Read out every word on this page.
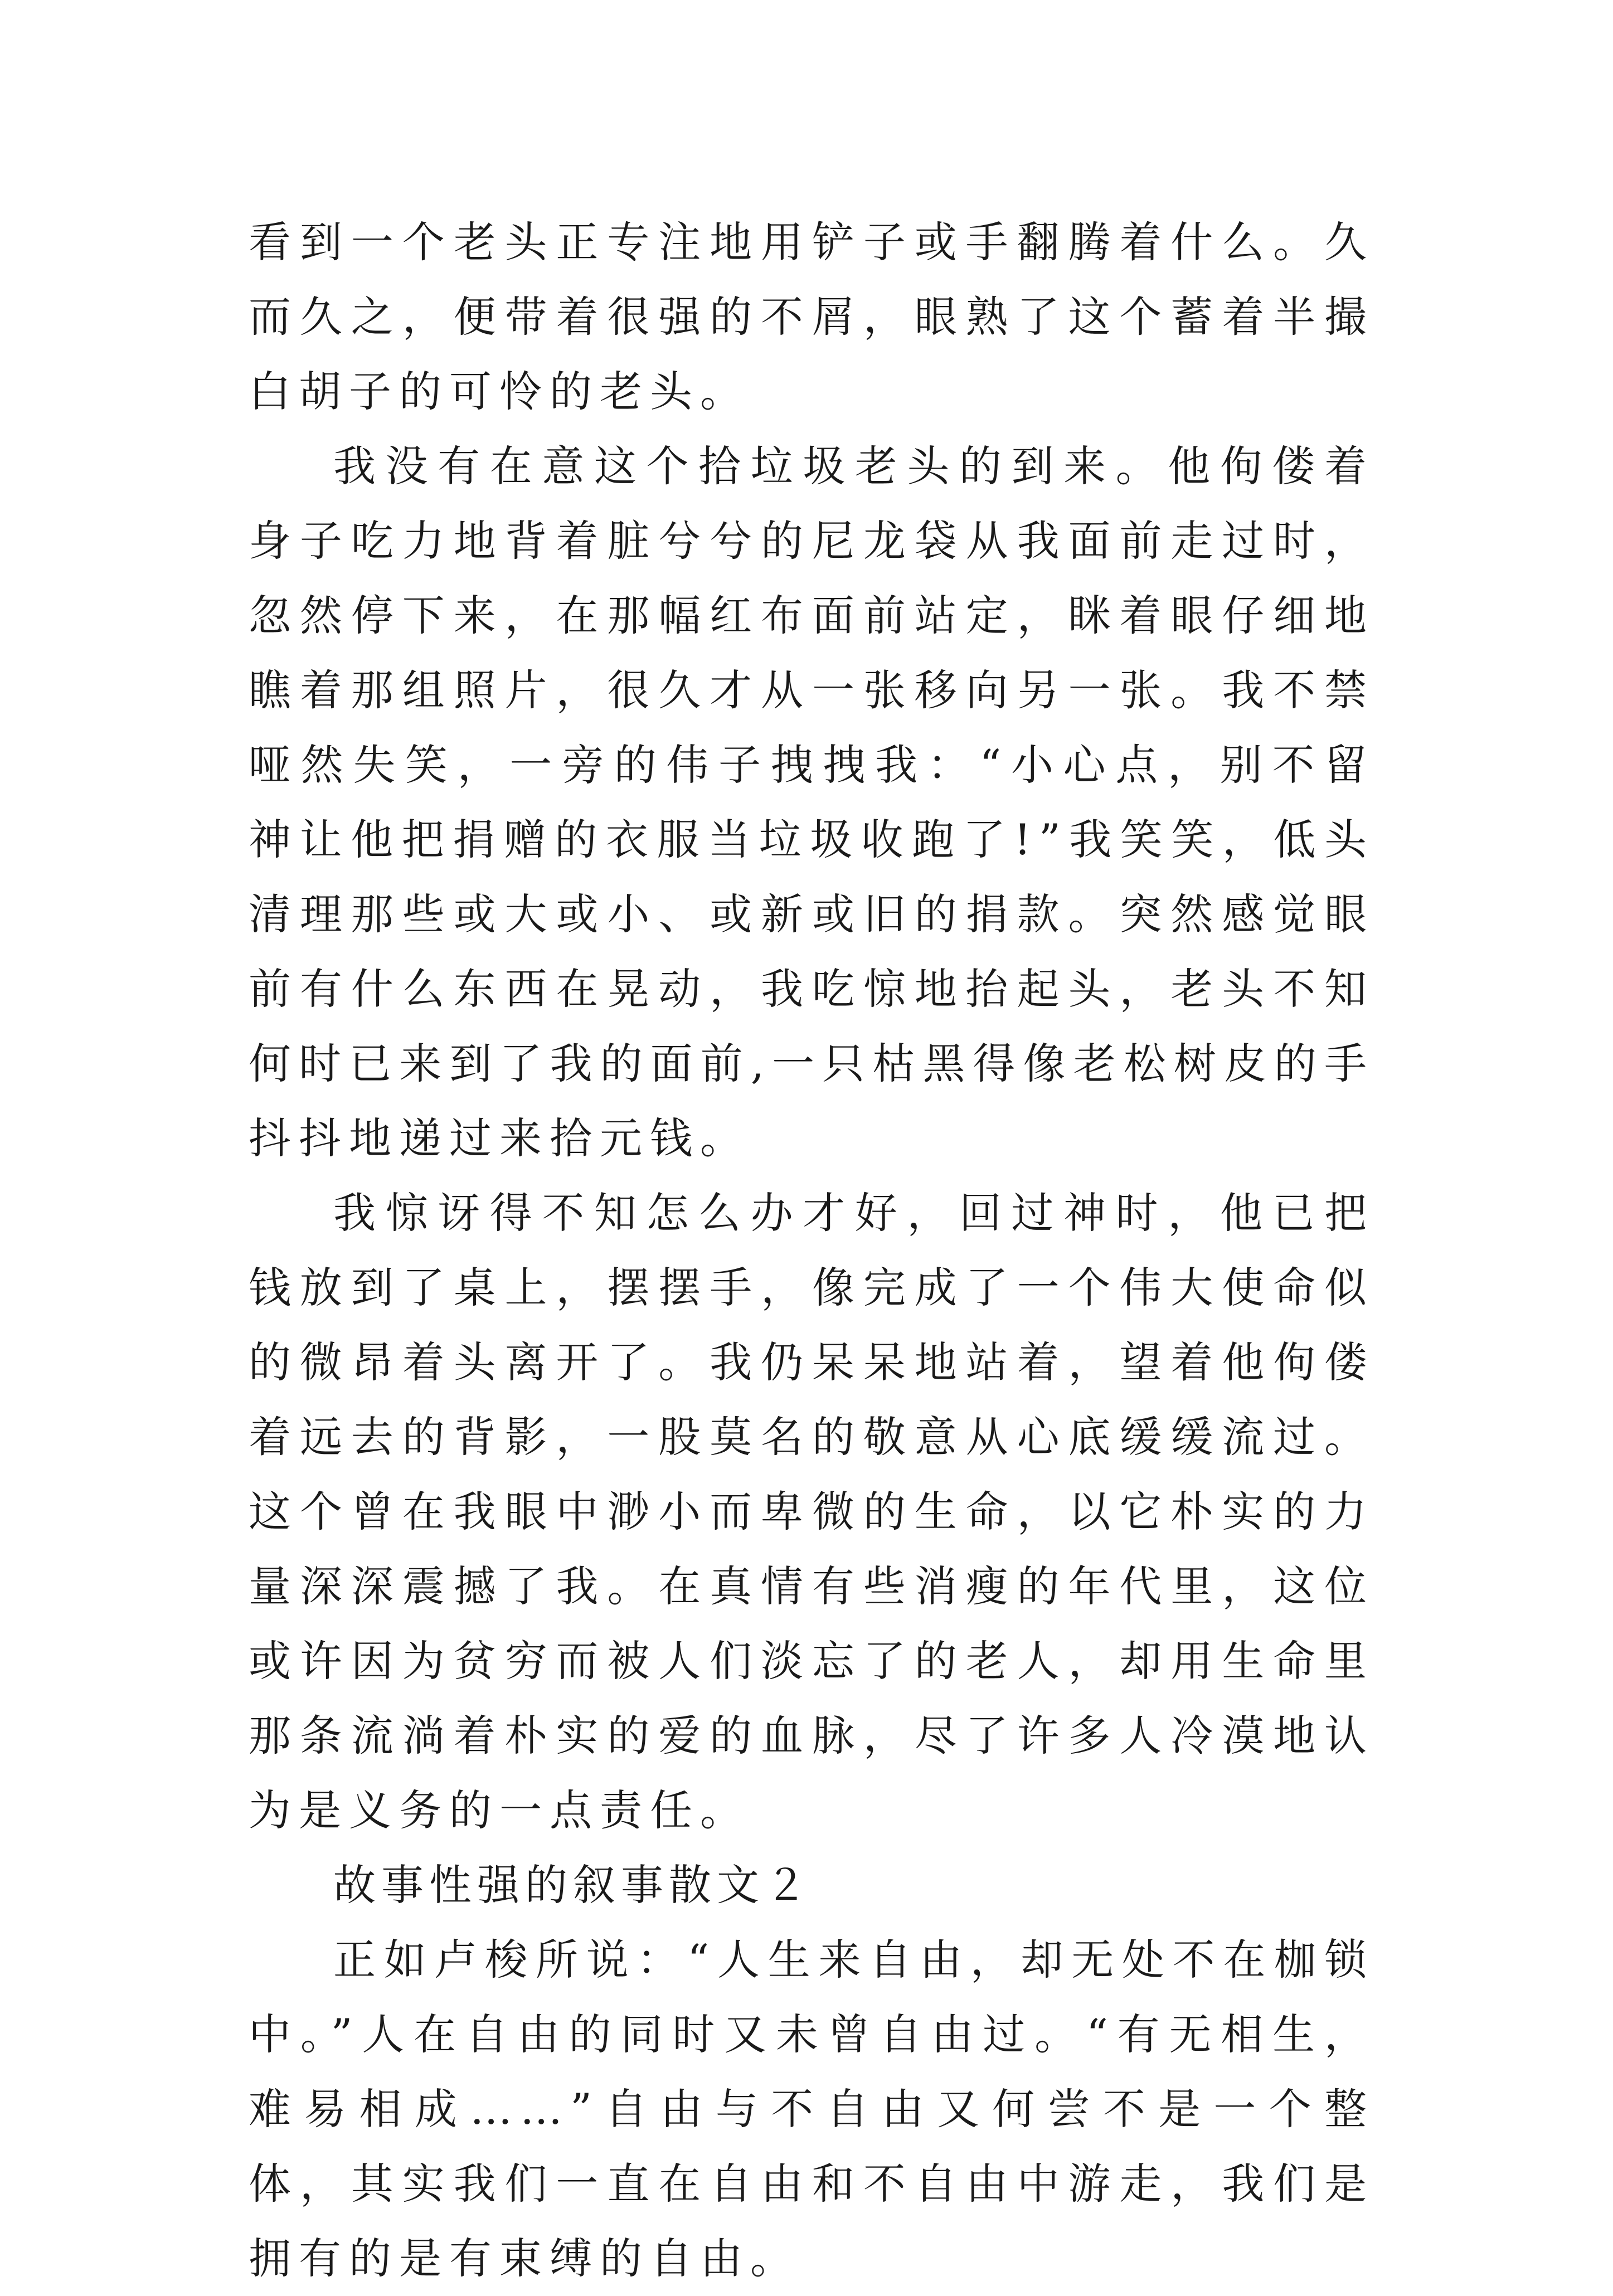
看到一个老头正专注地用铲子或手翻腾着什么。久而久之，便带着很强的不屑，眼熟了这个蓄着半撮白胡子的可怜的老头。

我没有在意这个拾垃圾老头的到来。他佝偻着身子吃力地背着脏兮兮的尼龙袋从我面前走过时，忽然停下来，在那幅红布面前站定，眯着眼仔细地瞧着那组照片，很久才从一张移向另一张。我不禁哑然失笑，一旁的伟子拽拽我：“小心点，别不留神让他把捐赠的衣服当垃圾收跑了!”我笑笑，低头清理那些或大或小、或新或旧的捐款。突然感觉眼前有什么东西在晃动，我吃惊地抬起头，老头不知何时已来到了我的面前,一只枯黑得像老松树皮的手抖抖地递过来拾元钱。

我惊讶得不知怎么办才好，回过神时，他已把钱放到了桌上，摆摆手，像完成了一个伟大使命似的微昂着头离开了。我仍呆呆地站着，望着他佝偻着远去的背影，一股莫名的敬意从心底缓缓流过。这个曾在我眼中渺小而卑微的生命，以它朴实的力量深深震撼了我。在真情有些消瘦的年代里，这位或许因为贫穷而被人们淡忘了的老人，却用生命里那条流淌着朴实的爱的血脉，尽了许多人冷漠地认为是义务的一点责任。

故事性强的叙事散文２

正如卢梭所说：“人生来自由，却无处不在枷锁中。”人在自由的同时又未曾自由过。“有无相生，难易相成……”自由与不自由又何尝不是一个整体，其实我们一直在自由和不自由中游走，我们是拥有的是有束缚的自由。
